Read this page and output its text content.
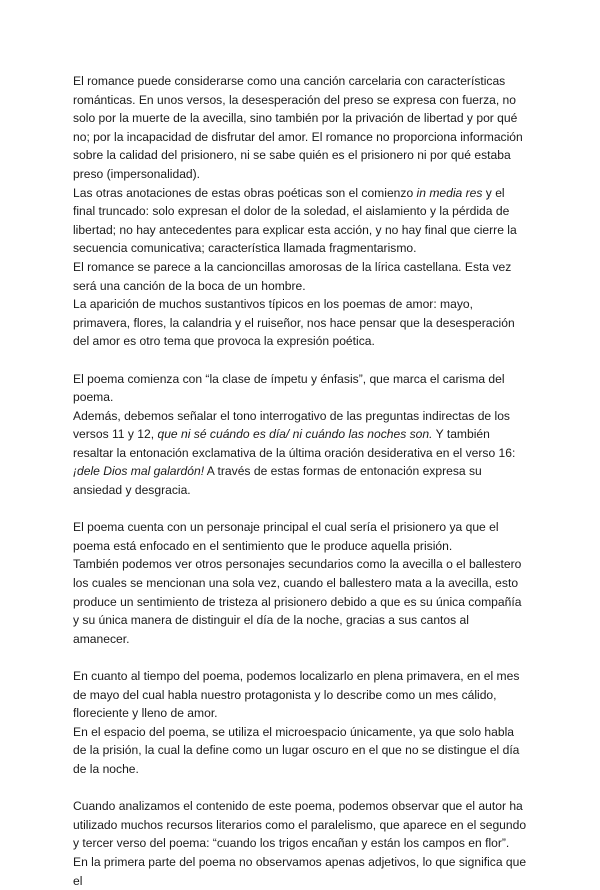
El romance puede considerarse como una canción carcelaria con características románticas. En unos versos, la desesperación del preso se expresa con fuerza, no solo por la muerte de la avecilla, sino también por la privación de libertad y por qué no; por la incapacidad de disfrutar del amor. El romance no proporciona información sobre la calidad del prisionero, ni se sabe quién es el prisionero ni por qué estaba preso (impersonalidad).

Las otras anotaciones de estas obras poéticas son el comienzo in media res y el final truncado: solo expresan el dolor de la soledad, el aislamiento y la pérdida de libertad; no hay antecedentes para explicar esta acción, y no hay final que cierre la secuencia comunicativa; característica llamada fragmentarismo.

El romance se parece a la cancioncillas amorosas de la lírica castellana. Esta vez será una canción de la boca de un hombre.

La aparición de muchos sustantivos típicos en los poemas de amor: mayo, primavera, flores, la calandria y el ruiseñor, nos hace pensar que la desesperación del amor es otro tema que provoca la expresión poética.

El poema comienza con “la clase de ímpetu y énfasis”, que marca el carisma del poema.

Además, debemos señalar el tono interrogativo de las preguntas indirectas de los versos 11 y 12, que ni sé cuándo es día/ ni cuándo las noches son. Y también resaltar la entonación exclamativa de la última oración desiderativa en el verso 16: ¡dele Dios mal galardón! A través de estas formas de entonación expresa su ansiedad y desgracia.

El poema cuenta con un personaje principal el cual sería el prisionero ya que el poema está enfocado en el sentimiento que le produce aquella prisión.

También podemos ver otros personajes secundarios como la avecilla o el ballestero los cuales se mencionan una sola vez, cuando el ballestero mata a la avecilla, esto produce un sentimiento de tristeza al prisionero debido a que es su única compañía y su única manera de distinguir el día de la noche, gracias a sus cantos al amanecer.

En cuanto al tiempo del poema, podemos localizarlo en plena primavera, en el mes de mayo del cual habla nuestro protagonista y lo describe como un mes cálido, floreciente y lleno de amor.

En el espacio del poema, se utiliza el microespacio únicamente, ya que solo habla de la prisión, la cual la define como un lugar oscuro en el que no se distingue el día de la noche.

Cuando analizamos el contenido de este poema, podemos observar que el autor ha utilizado muchos recursos literarios como el paralelismo, que aparece en el segundo y tercer verso del poema: “cuando los trigos encañan y están los campos en flor”. En la primera parte del poema no observamos apenas adjetivos, lo que significa que el
